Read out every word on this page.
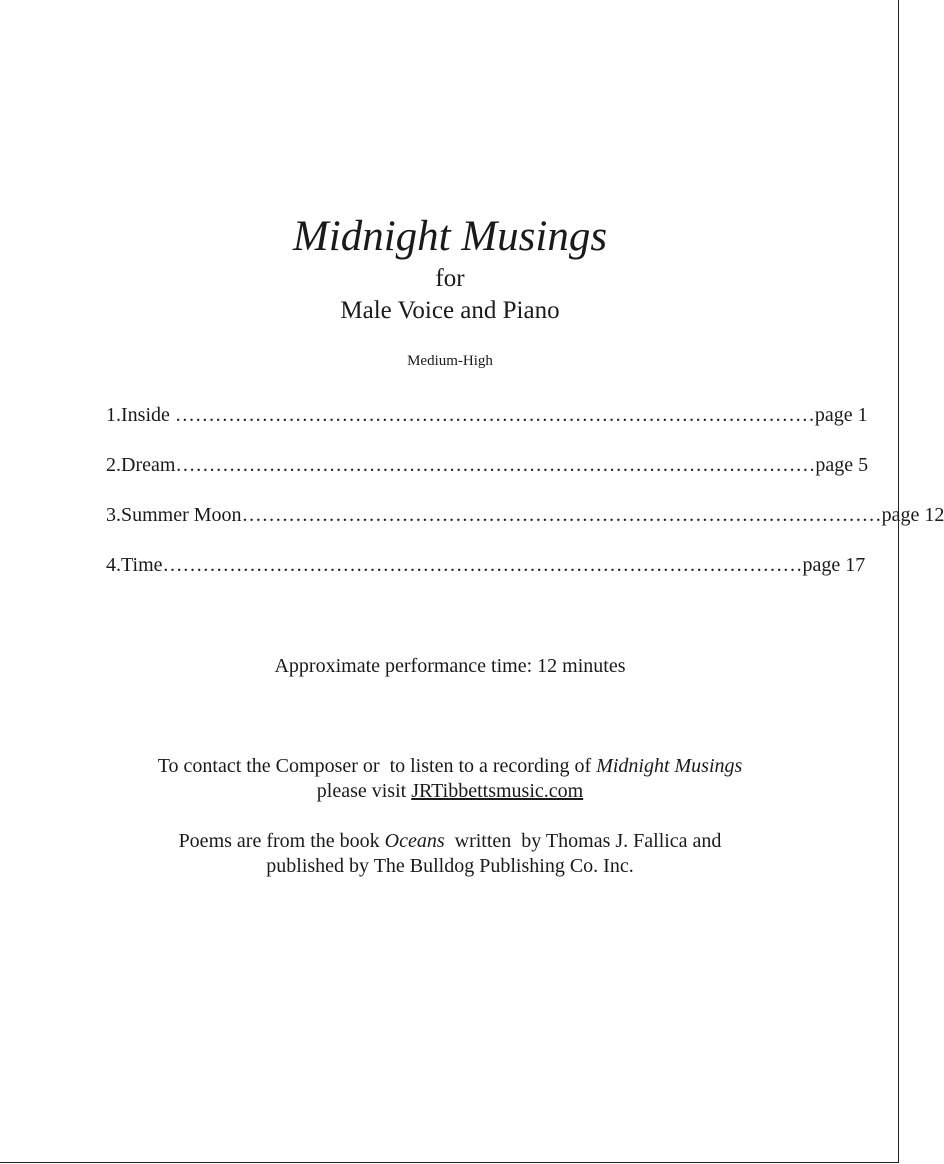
Midnight Musings
for
Male Voice and Piano
Medium-High
1. Inside …………………………………………………………………………………… page 1
2. Dream …………………………………………………………………………………… page 5
3. Summer Moon …………………………………………………………………………………… page 12
4. Time …………………………………………………………………………………… page 17
Approximate performance time: 12 minutes
To contact the Composer or  to listen to a recording of Midnight Musings
please visit JRTibbettsmusic.com
Poems are from the book Oceans  written  by Thomas J. Fallica and
published by The Bulldog Publishing Co. Inc.
